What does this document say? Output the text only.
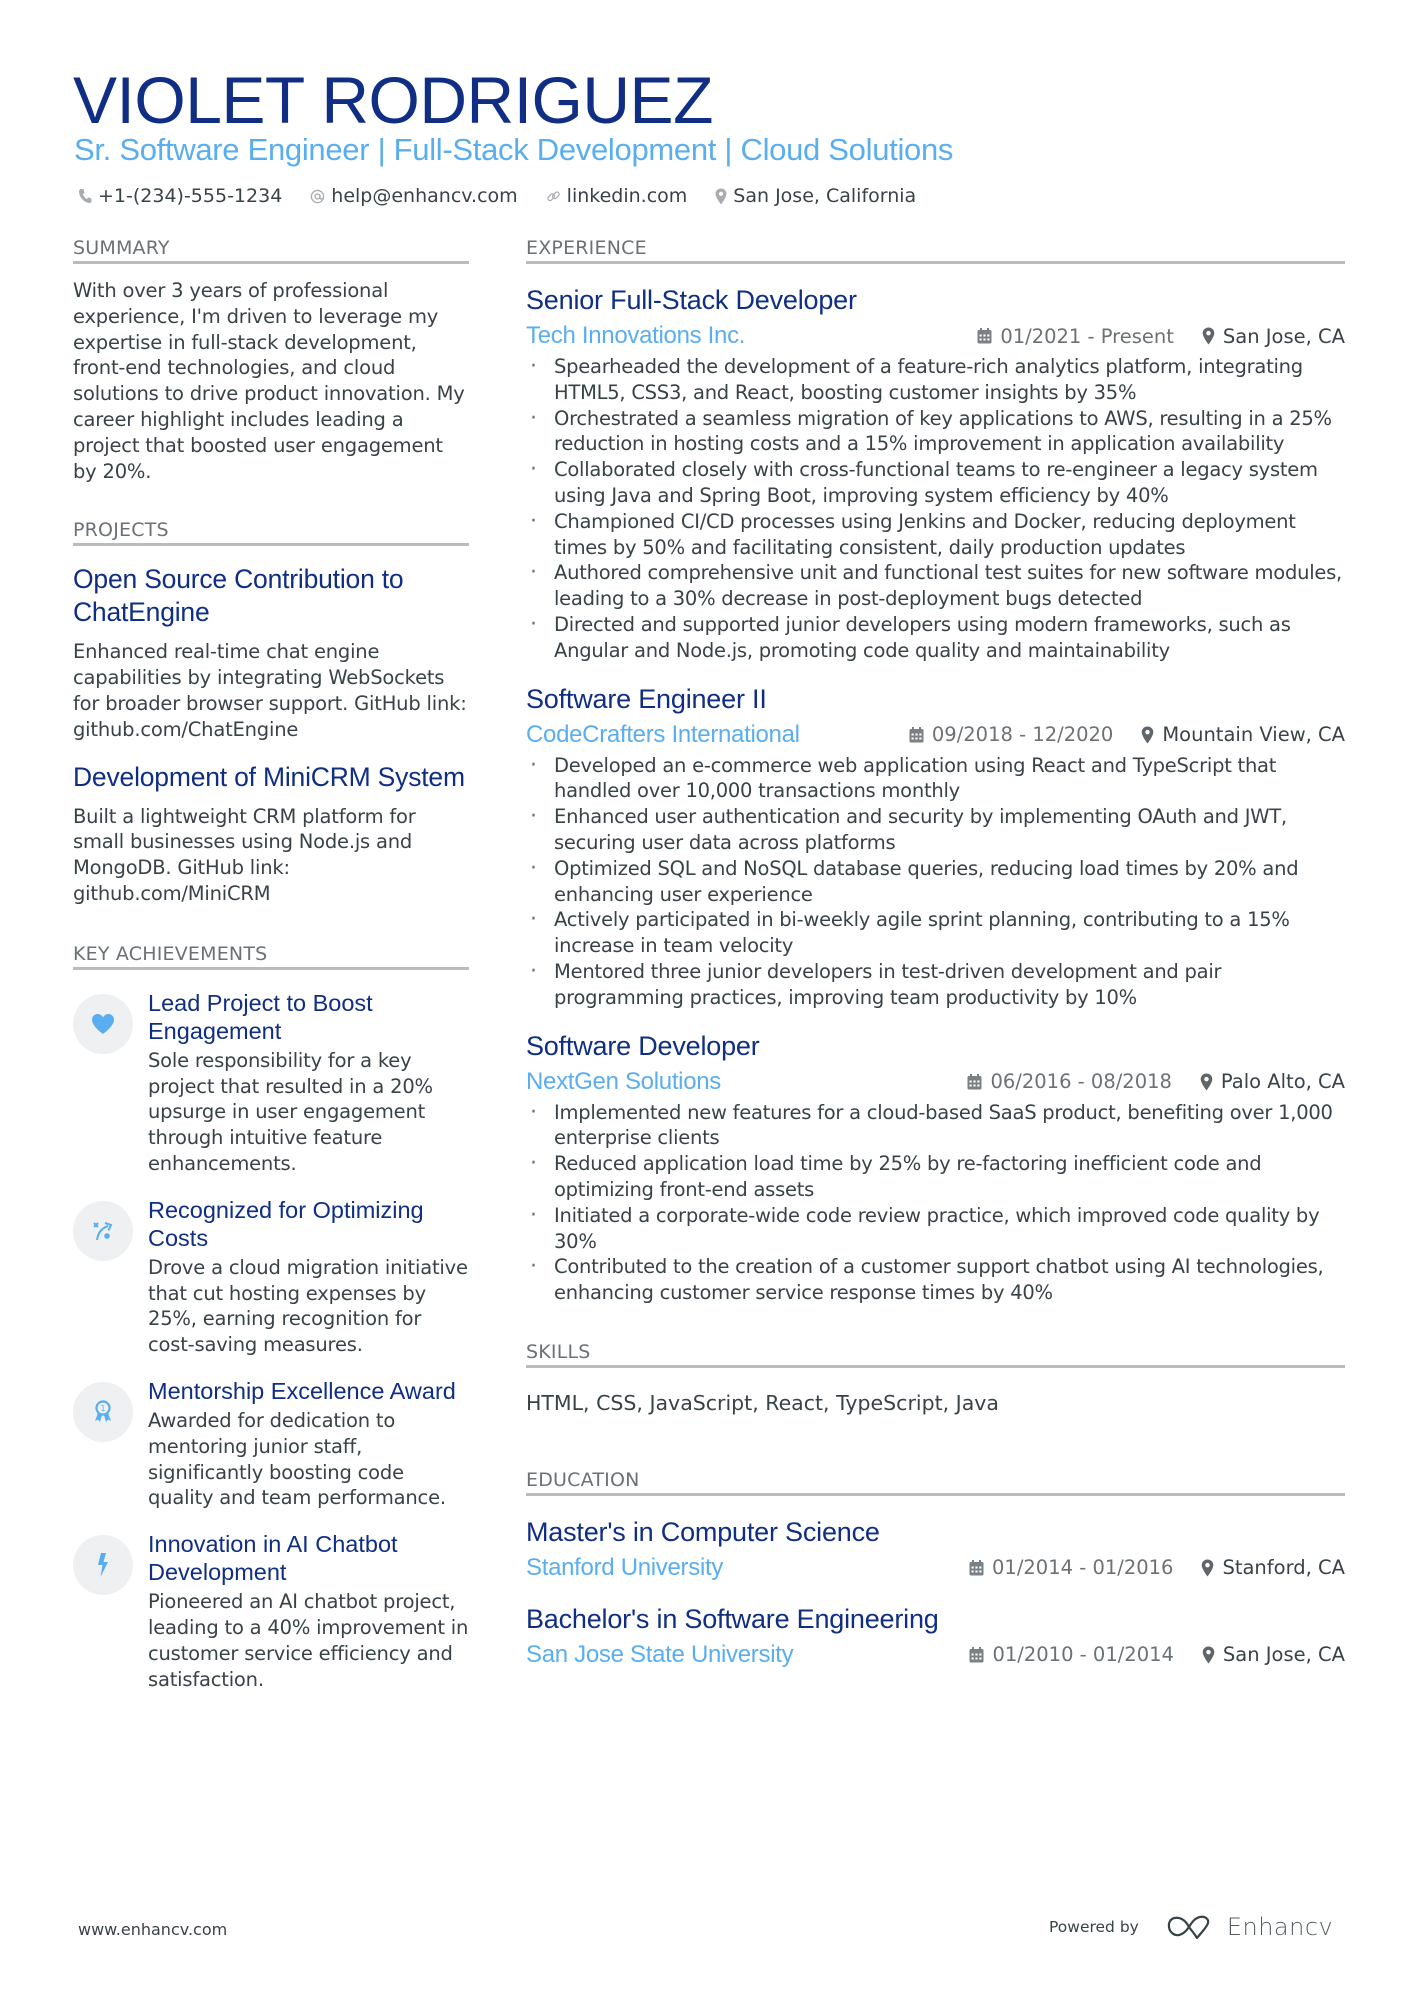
VIOLET RODRIGUEZ
Sr. Software Engineer | Full-Stack Development | Cloud Solutions
+1-(234)-555-1234	help@enhancv.com	linkedin.com San Jose, California
SUMMARY

With over 3 years of professional experience, I'm driven to leverage my expertise in full-stack development, front-end technologies, and cloud solutions to drive product innovation. My career highlight includes leading a project that boosted user engagement by 20%.

PROJECTS
Open Source Contribution to ChatEngine

Enhanced real-time chat engine capabilities by integrating WebSockets for broader browser support. GitHub link: github.com/ChatEngine

Development of MiniCRM System

Built a lightweight CRM platform for small businesses using Node.js and MongoDB. GitHub link: github.com/MiniCRM

KEY ACHIEVEMENTS
Lead Project to Boost Engagement

Sole responsibility for a key project that resulted in a 20% upsurge in user engagement through intuitive feature enhancements.

Recognized for Optimizing Costs

Drove a cloud migration initiative that cut hosting expenses by 25%, earning recognition for cost-saving measures.

1
Mentorship Excellence Award

Awarded for dedication to mentoring junior staff, significantly boosting code quality and team performance.

Innovation in AI Chatbot Development

Pioneered an AI chatbot project, leading to a 40% improvement in customer service efficiency and satisfaction.

EXPERIENCE
Senior Full-Stack Developer
Tech Innovations Inc.	01/2021 - Present	San Jose, CA
· Spearheaded the development of a feature-rich analytics platform, integrating HTML5, CSS3, and React, boosting customer insights by 35%
· Orchestrated a seamless migration of key applications to AWS, resulting in a 25% reduction in hosting costs and a 15% improvement in application availability
· Collaborated closely with cross-functional teams to re-engineer a legacy system using Java and Spring Boot, improving system efficiency by 40%
· Championed CI/CD processes using Jenkins and Docker, reducing deployment times by 50% and facilitating consistent, daily production updates
· Authored comprehensive unit and functional test suites for new software modules, leading to a 30% decrease in post-deployment bugs detected
· Directed and supported junior developers using modern frameworks, such as Angular and Node.js, promoting code quality and maintainability
Software Engineer II
CodeCrafters International	09/2018 - 12/2020	Mountain View, CA
· Developed an e-commerce web application using React and TypeScript that handled over 10,000 transactions monthly
· Enhanced user authentication and security by implementing OAuth and JWT, securing user data across platforms
· Optimized SQL and NoSQL database queries, reducing load times by 20% and enhancing user experience
· Actively participated in bi-weekly agile sprint planning, contributing to a 15% increase in team velocity
· Mentored three junior developers in test-driven development and pair programming practices, improving team productivity by 10%
Software Developer
NextGen Solutions	06/2016 - 08/2018	Palo Alto, CA
· Implemented new features for a cloud-based SaaS product, benefiting over 1,000 enterprise clients
· Reduced application load time by 25% by re-factoring inefficient code and optimizing front-end assets
· Initiated a corporate-wide code review practice, which improved code quality by 30%
· Contributed to the creation of a customer support chatbot using AI technologies, enhancing customer service response times by 40%
SKILLS

HTML, CSS, JavaScript, React, TypeScript, Java

EDUCATION
Master's in Computer Science
Stanford University	01/2014 - 01/2016	Stanford, CA
Bachelor's in Software Engineering
San Jose State University	01/2010 - 01/2014	San Jose, CA
www.enhancv.com	Powered by	Enhancv
